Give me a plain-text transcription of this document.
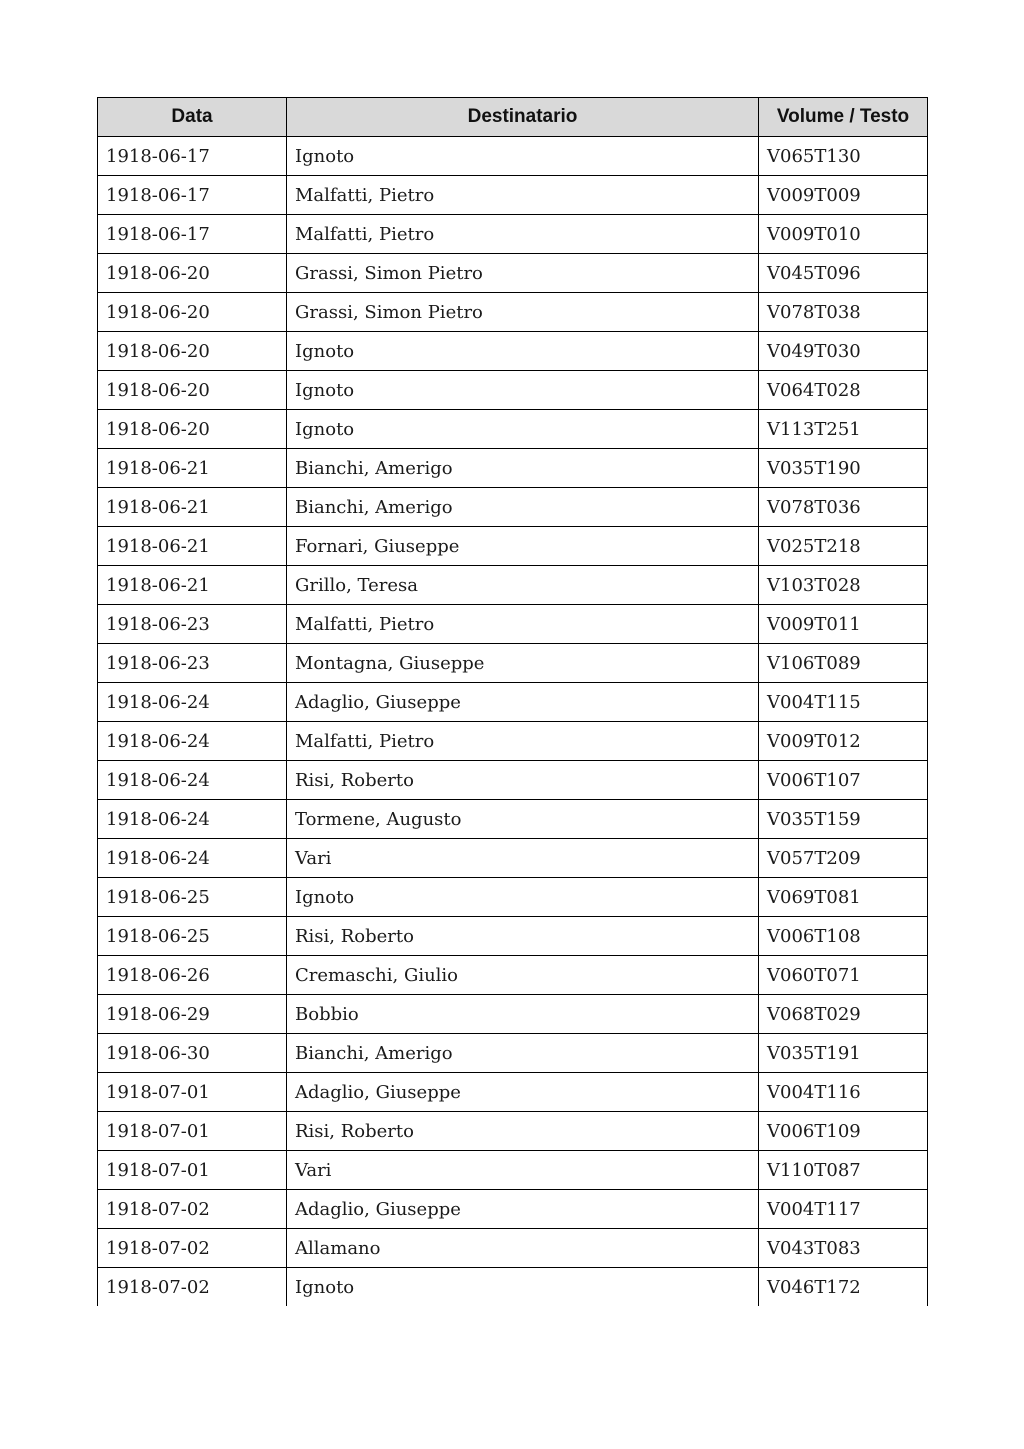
Data	Destinatario	Volume / Testo
1918-06-17	Ignoto	V065T130
1918-06-17	Malfatti, Pietro	V009T009
1918-06-17	Malfatti, Pietro	V009T010
1918-06-20	Grassi, Simon Pietro	V045T096
1918-06-20	Grassi, Simon Pietro	V078T038
1918-06-20	Ignoto	V049T030
1918-06-20	Ignoto	V064T028
1918-06-20	Ignoto	V113T251
1918-06-21	Bianchi, Amerigo	V035T190
1918-06-21	Bianchi, Amerigo	V078T036
1918-06-21	Fornari, Giuseppe	V025T218
1918-06-21	Grillo, Teresa	V103T028
1918-06-23	Malfatti, Pietro	V009T011
1918-06-23	Montagna, Giuseppe	V106T089
1918-06-24	Adaglio, Giuseppe	V004T115
1918-06-24	Malfatti, Pietro	V009T012
1918-06-24	Risi, Roberto	V006T107
1918-06-24	Tormene, Augusto	V035T159
1918-06-24	Vari	V057T209
1918-06-25	Ignoto	V069T081
1918-06-25	Risi, Roberto	V006T108
1918-06-26	Cremaschi, Giulio	V060T071
1918-06-29	Bobbio	V068T029
1918-06-30	Bianchi, Amerigo	V035T191
1918-07-01	Adaglio, Giuseppe	V004T116
1918-07-01	Risi, Roberto	V006T109
1918-07-01	Vari	V110T087
1918-07-02	Adaglio, Giuseppe	V004T117
1918-07-02	Allamano	V043T083
1918-07-02	Ignoto	V046T172
